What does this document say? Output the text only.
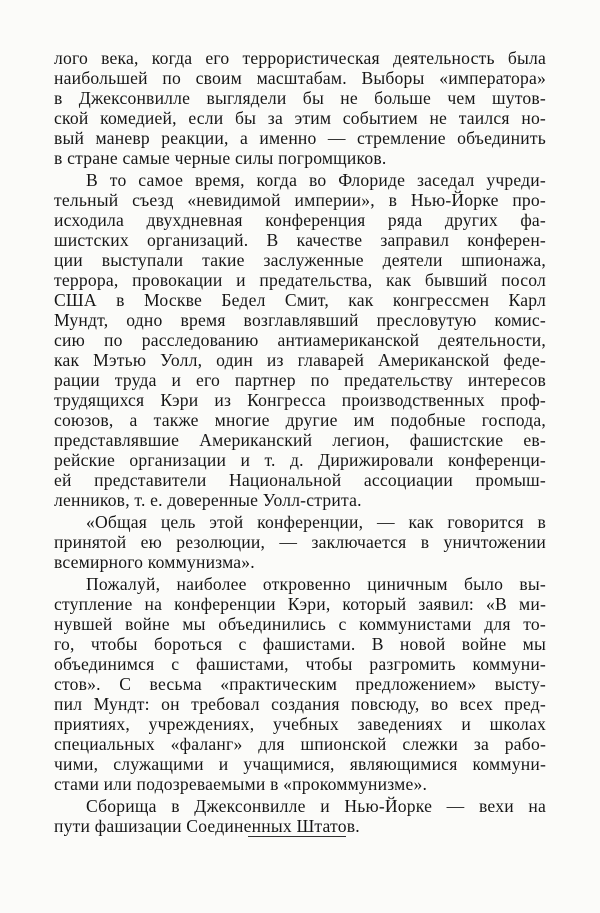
лого века, когда его террористическая деятельность была
наибольшей по своим масштабам. Выборы «императора»
в Джексонвилле выглядели бы не больше чем шутов-
ской комедией, если бы за этим событием не таился но-
вый маневр реакции, а именно — стремление объединить
в стране самые черные силы погромщиков.
В то самое время, когда во Флориде заседал учреди-
тельный съезд «невидимой империи», в Нью-Йорке про-
исходила двухдневная конференция ряда других фа-
шистских организаций. В качестве заправил конферен-
ции выступали такие заслуженные деятели шпионажа,
террора, провокации и предательства, как бывший посол
США в Москве Бедел Смит, как конгрессмен Карл
Мундт, одно время возглавлявший пресловутую комис-
сию по расследованию антиамериканской деятельности,
как Мэтью Уолл, один из главарей Американской феде-
рации труда и его партнер по предательству интересов
трудящихся Кэри из Конгресса производственных проф-
союзов, а также многие другие им подобные господа,
представлявшие Американский легион, фашистские ев-
рейские организации и т. д. Дирижировали конференци-
ей представители Национальной ассоциации промыш-
ленников, т. е. доверенные Уолл-стрита.
«Общая цель этой конференции, — как говорится в
принятой ею резолюции, — заключается в уничтожении
всемирного коммунизма».
Пожалуй, наиболее откровенно циничным было вы-
ступление на конференции Кэри, который заявил: «В ми-
нувшей войне мы объединились с коммунистами для то-
го, чтобы бороться с фашистами. В новой войне мы
объединимся с фашистами, чтобы разгромить коммуни-
стов». С весьма «практическим предложением» высту-
пил Мундт: он требовал создания повсюду, во всех пред-
приятиях, учреждениях, учебных заведениях и школах
специальных «фаланг» для шпионской слежки за рабо-
чими, служащими и учащимися, являющимися коммуни-
стами или подозреваемыми в «прокоммунизме».
Сборища в Джексонвилле и Нью-Йорке — вехи на
пути фашизации Соединенных Штатов.
